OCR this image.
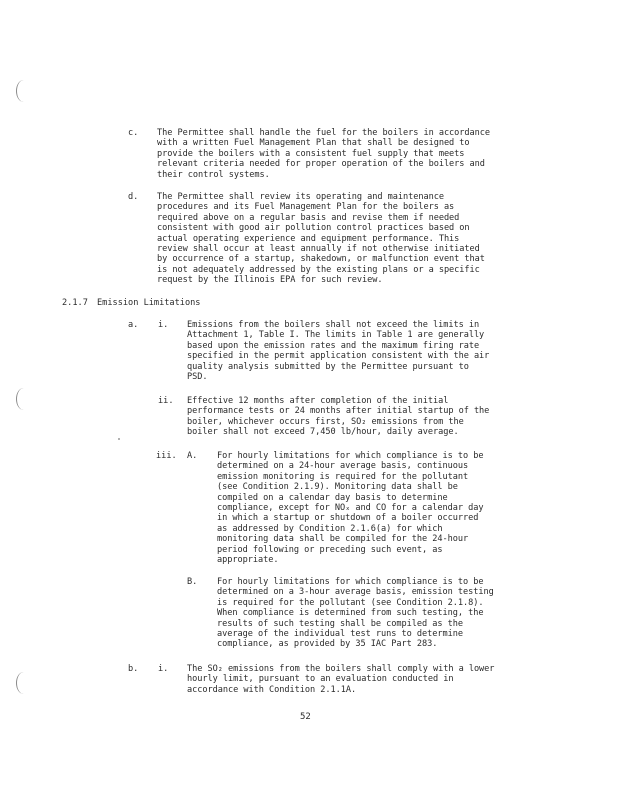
c. The Permittee shall handle the fuel for the boilers in accordance
with a written Fuel Management Plan that shall be designed to
provide the boilers with a consistent fuel supply that meets
relevant criteria needed for proper operation of the boilers and
their control systems.
d. The Permittee shall review its operating and maintenance
procedures and its Fuel Management Plan for the boilers as
required above on a regular basis and revise them if needed
consistent with good air pollution control practices based on
actual operating experience and equipment performance. This
review shall occur at least annually if not otherwise initiated
by occurrence of a startup, shakedown, or malfunction event that
is not adequately addressed by the existing plans or a specific
request by the Illinois EPA for such review.
2.1.7 Emission Limitations
a. i. Emissions from the boilers shall not exceed the limits in
Attachment 1, Table I. The limits in Table 1 are generally
based upon the emission rates and the maximum firing rate
specified in the permit application consistent with the air
quality analysis submitted by the Permittee pursuant to
PSD.
ii. Effective 12 months after completion of the initial
performance tests or 24 months after initial startup of the
boiler, whichever occurs first, SO₂ emissions from the
boiler shall not exceed 7,450 lb/hour, daily average.
iii. A. For hourly limitations for which compliance is to be
determined on a 24-hour average basis, continuous
emission monitoring is required for the pollutant
(see Condition 2.1.9). Monitoring data shall be
compiled on a calendar day basis to determine
compliance, except for NOₓ and CO for a calendar day
in which a startup or shutdown of a boiler occurred
as addressed by Condition 2.1.6(a) for which
monitoring data shall be compiled for the 24-hour
period following or preceding such event, as
appropriate.
B. For hourly limitations for which compliance is to be
determined on a 3-hour average basis, emission testing
is required for the pollutant (see Condition 2.1.8).
When compliance is determined from such testing, the
results of such testing shall be compiled as the
average of the individual test runs to determine
compliance, as provided by 35 IAC Part 283.
b. i. The SO₂ emissions from the boilers shall comply with a lower
hourly limit, pursuant to an evaluation conducted in
accordance with Condition 2.1.1A.
52
